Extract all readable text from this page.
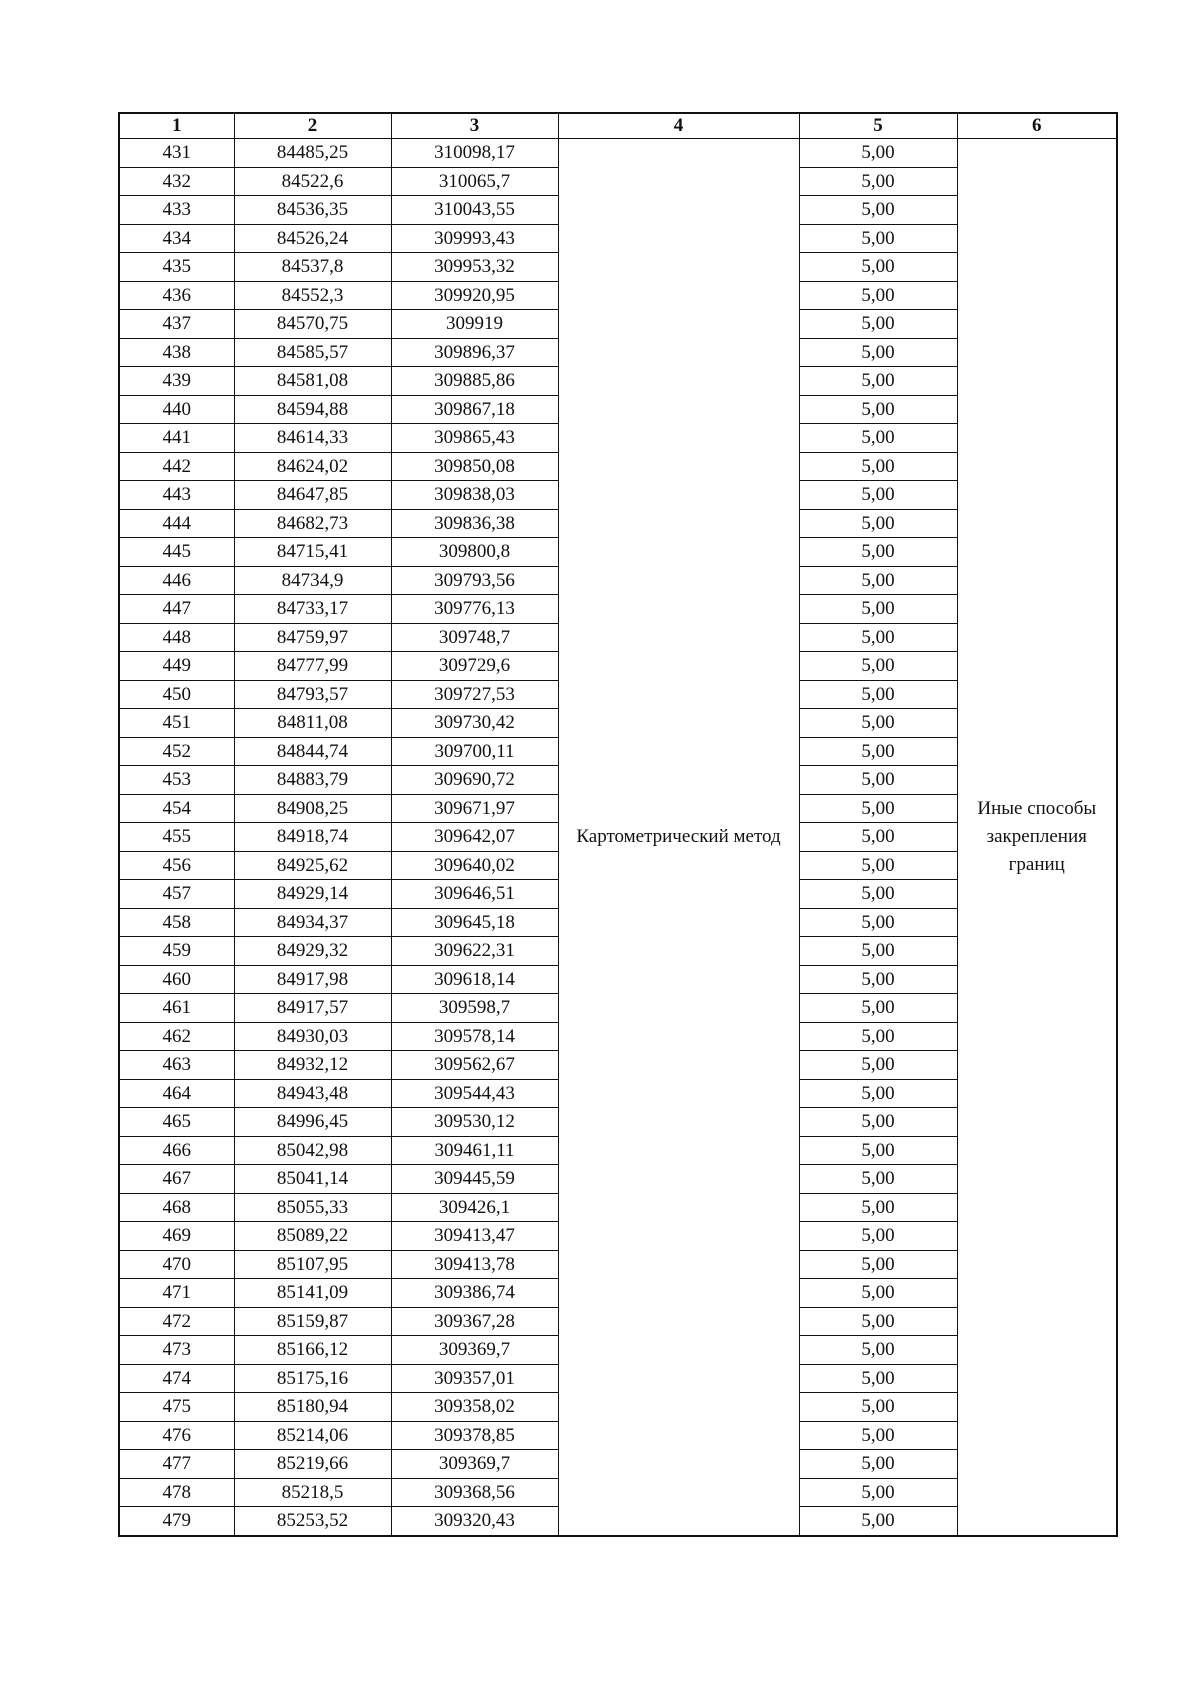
1	2	3	4	5	6
431	84485,25	310098,17	Картометрический метод	5,00	Иные способы закрепления границ
432	84522,6	310065,7		5,00	
433	84536,35	310043,55		5,00	
434	84526,24	309993,43		5,00	
435	84537,8	309953,32		5,00	
436	84552,3	309920,95		5,00	
437	84570,75	309919		5,00	
438	84585,57	309896,37		5,00	
439	84581,08	309885,86		5,00	
440	84594,88	309867,18		5,00	
441	84614,33	309865,43		5,00	
442	84624,02	309850,08		5,00	
443	84647,85	309838,03		5,00	
444	84682,73	309836,38		5,00	
445	84715,41	309800,8		5,00	
446	84734,9	309793,56		5,00	
447	84733,17	309776,13		5,00	
448	84759,97	309748,7		5,00	
449	84777,99	309729,6		5,00	
450	84793,57	309727,53		5,00	
451	84811,08	309730,42		5,00	
452	84844,74	309700,11		5,00	
453	84883,79	309690,72		5,00	
454	84908,25	309671,97		5,00	
455	84918,74	309642,07		5,00	
456	84925,62	309640,02		5,00	
457	84929,14	309646,51		5,00	
458	84934,37	309645,18		5,00	
459	84929,32	309622,31		5,00	
460	84917,98	309618,14		5,00	
461	84917,57	309598,7		5,00	
462	84930,03	309578,14		5,00	
463	84932,12	309562,67		5,00	
464	84943,48	309544,43		5,00	
465	84996,45	309530,12		5,00	
466	85042,98	309461,11		5,00	
467	85041,14	309445,59		5,00	
468	85055,33	309426,1		5,00	
469	85089,22	309413,47		5,00	
470	85107,95	309413,78		5,00	
471	85141,09	309386,74		5,00	
472	85159,87	309367,28		5,00	
473	85166,12	309369,7		5,00	
474	85175,16	309357,01		5,00	
475	85180,94	309358,02		5,00	
476	85214,06	309378,85		5,00	
477	85219,66	309369,7		5,00	
478	85218,5	309368,56		5,00	
479	85253,52	309320,43		5,00	
